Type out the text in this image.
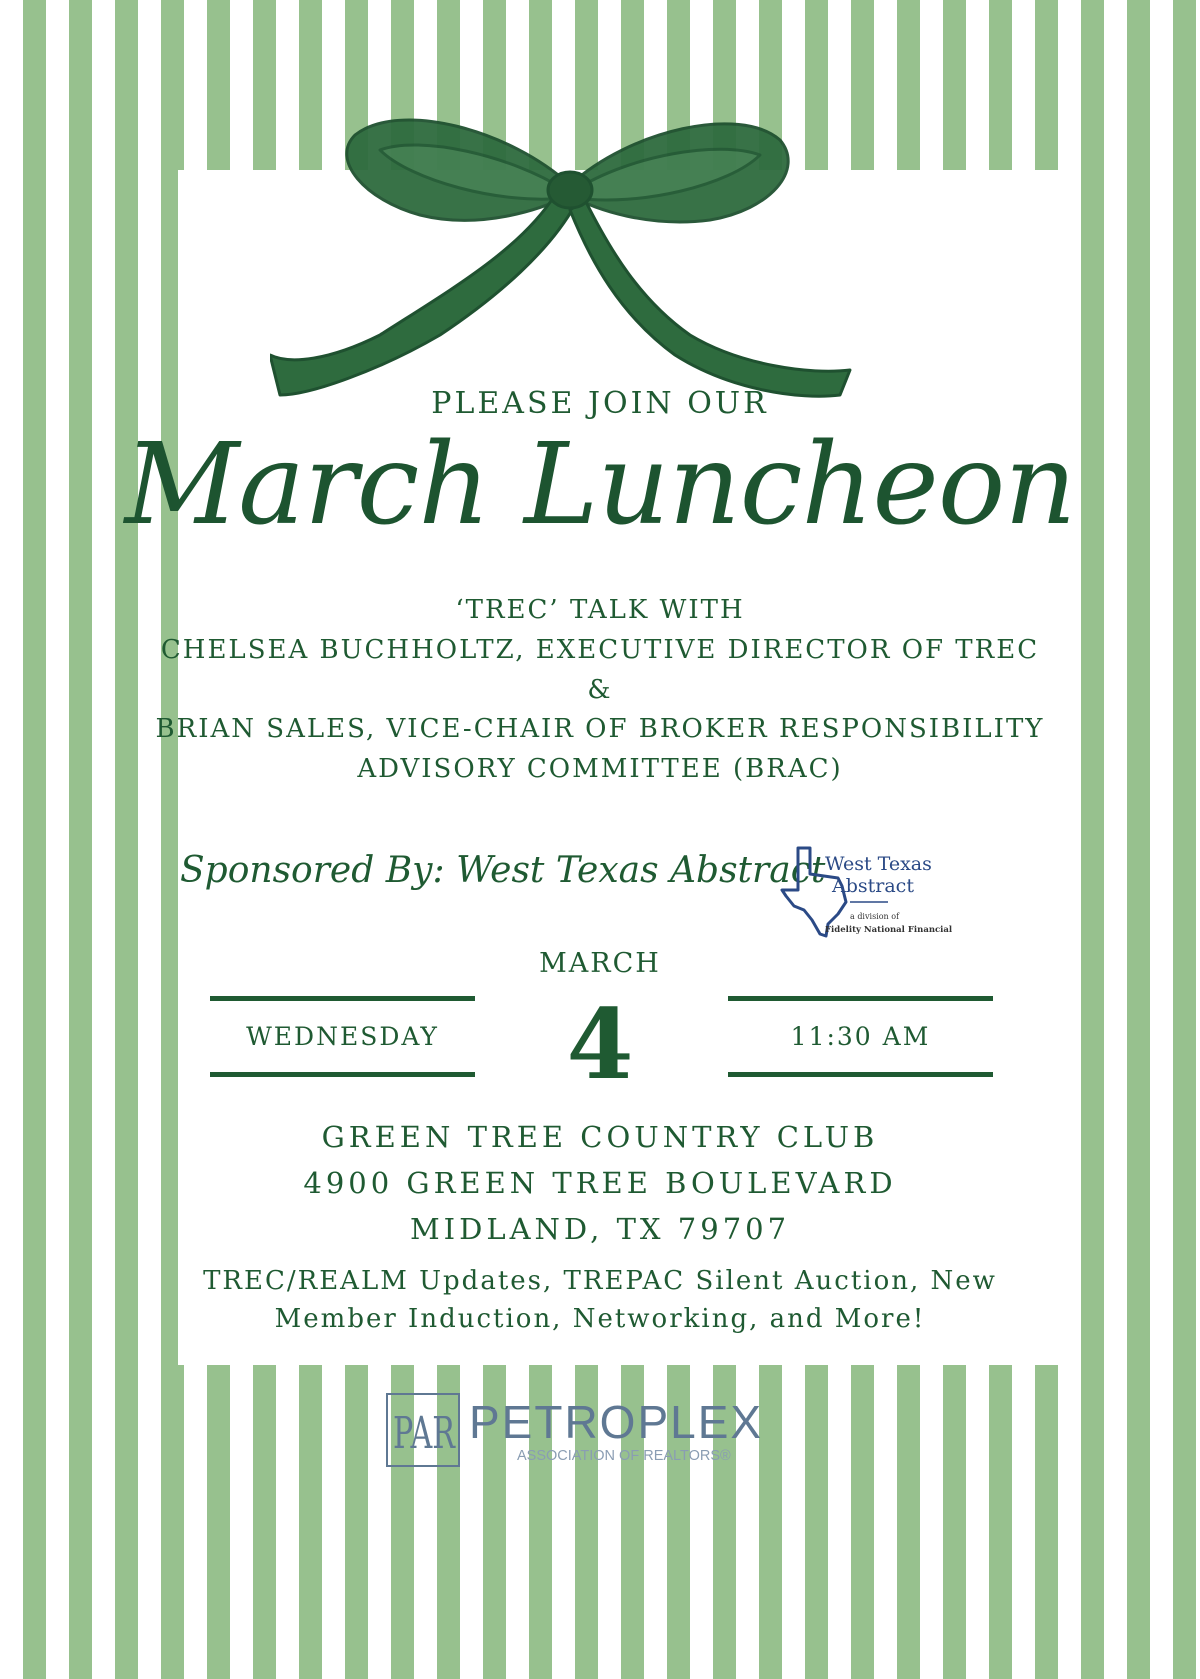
PLEASE JOIN OUR
March Luncheon
‘TREC’ TALK WITH
CHELSEA BUCHHOLTZ, EXECUTIVE DIRECTOR OF TREC
&
BRIAN SALES, VICE-CHAIR OF BROKER RESPONSIBILITY
ADVISORY COMMITTEE (BRAC)
Sponsored By: West Texas Abstract West Texas
Abstract
a division of
Fidelity National Financial
WEDNESDAY
MARCH
4	11:30 AM
GREEN TREE COUNTRY CLUB
4900 GREEN TREE BOULEVARD
MIDLAND, TX 79707
TREC/REALM Updates, TREPAC Silent Auction, New
Member Induction, Networking, and More!
PAR PETROPLEX
ASSOCIATION OF REALTORS®
